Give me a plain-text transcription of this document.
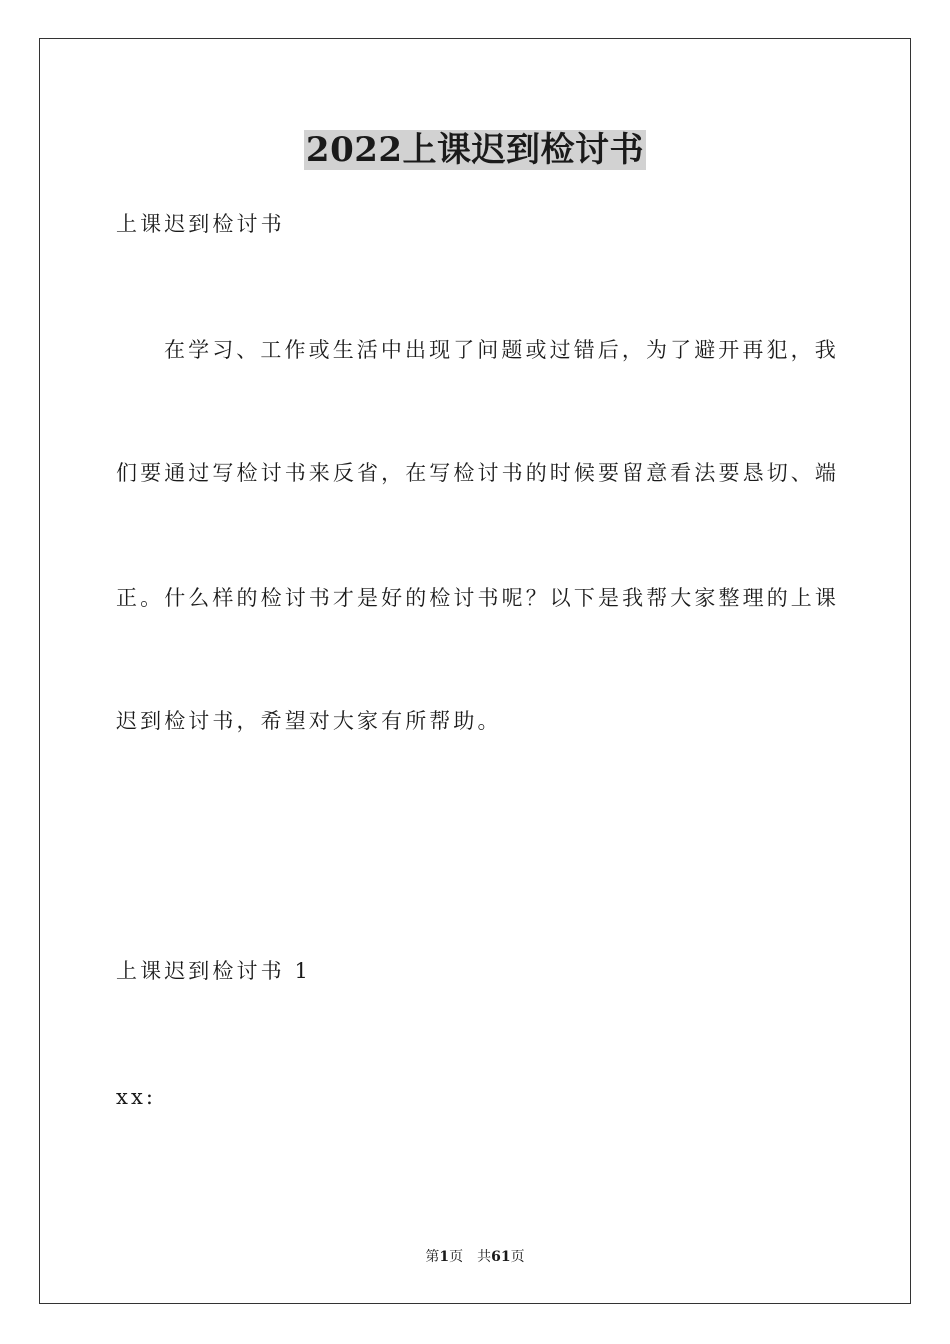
2022上课迟到检讨书
上课迟到检讨书
在学习、工作或生活中出现了问题或过错后，为了避开再犯，我
们要通过写检讨书来反省，在写检讨书的时候要留意看法要恳切、端
正。什么样的检讨书才是好的检讨书呢？以下是我帮大家整理的上课
迟到检讨书，希望对大家有所帮助。
上课迟到检讨书 1
xx:
第1页　共61页
